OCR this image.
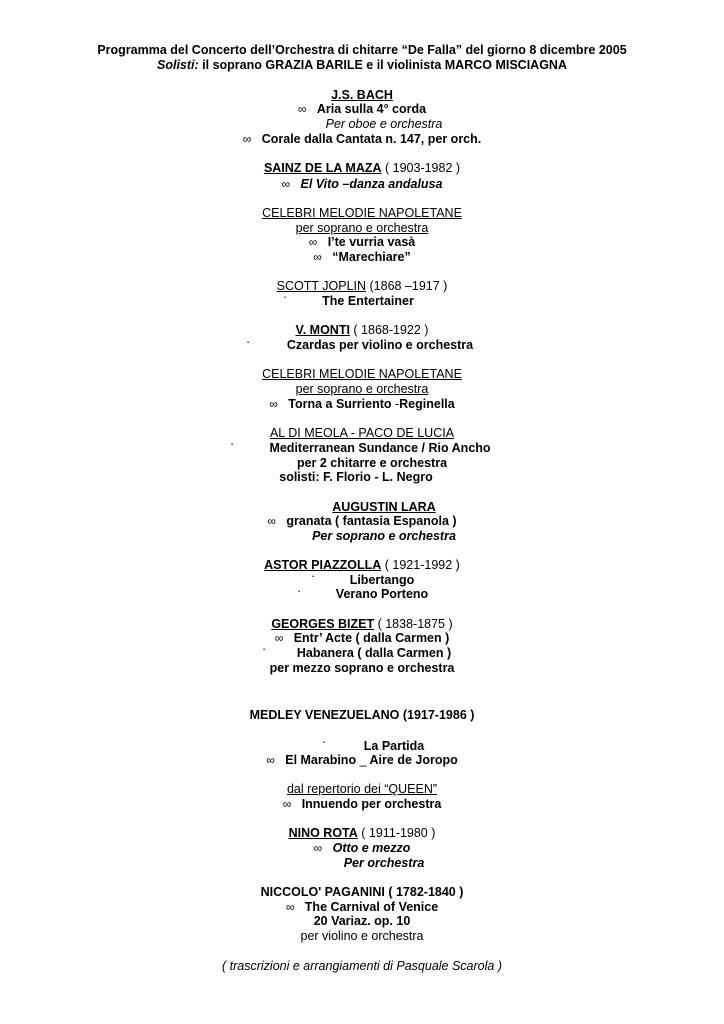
Programma del Concerto dell’Orchestra di chitarre “De Falla” del giorno 8 dicembre 2005
Solisti: il soprano GRAZIA BARILE e il violinista MARCO MISCIAGNA
J.S. BACH
∞ Aria sulla 4° corda
Per oboe e orchestra
∞ Corale dalla Cantata n. 147, per orch.
SAINZ DE LA MAZA ( 1903-1982 )
∞ El Vito –danza andalusa
CELEBRI MELODIE NAPOLETANE
per soprano e orchestra
∞ I’te vurria vasà
∞ “Marechiare”
SCOTT JOPLIN (1868 –1917 )
·	The Entertainer
V. MONTI ( 1868-1922 )
·	Czardas per violino e orchestra
CELEBRI MELODIE NAPOLETANE
per soprano e orchestra
∞ Torna a Surriento -Reginella
AL DI MEOLA - PACO DE LUCIA
·	Mediterranean Sundance / Rio Ancho
per 2 chitarre e orchestra
solisti: F. Florio - L. Negro
AUGUSTIN LARA
∞ granata ( fantasia Espanola )
Per soprano e orchestra
ASTOR PIAZZOLLA ( 1921-1992 )
·	Libertango
·	Verano Porteno
GEORGES BIZET ( 1838-1875 )
∞ Entr’ Acte ( dalla Carmen )
·	Habanera ( dalla Carmen )
per mezzo soprano e orchestra
MEDLEY VENEZUELANO (1917-1986 )
·	La Partida
∞ El Marabino _ Aire de Joropo
dal repertorio dei “QUEEN”
∞ Innuendo per orchestra
NINO ROTA ( 1911-1980 )
∞ Otto e mezzo
Per orchestra
NICCOLO' PAGANINI ( 1782-1840 )
∞ The Carnival of Venice
20 Variaz. op. 10
per violino e orchestra
( trascrizioni e arrangiamenti di Pasquale Scarola )
